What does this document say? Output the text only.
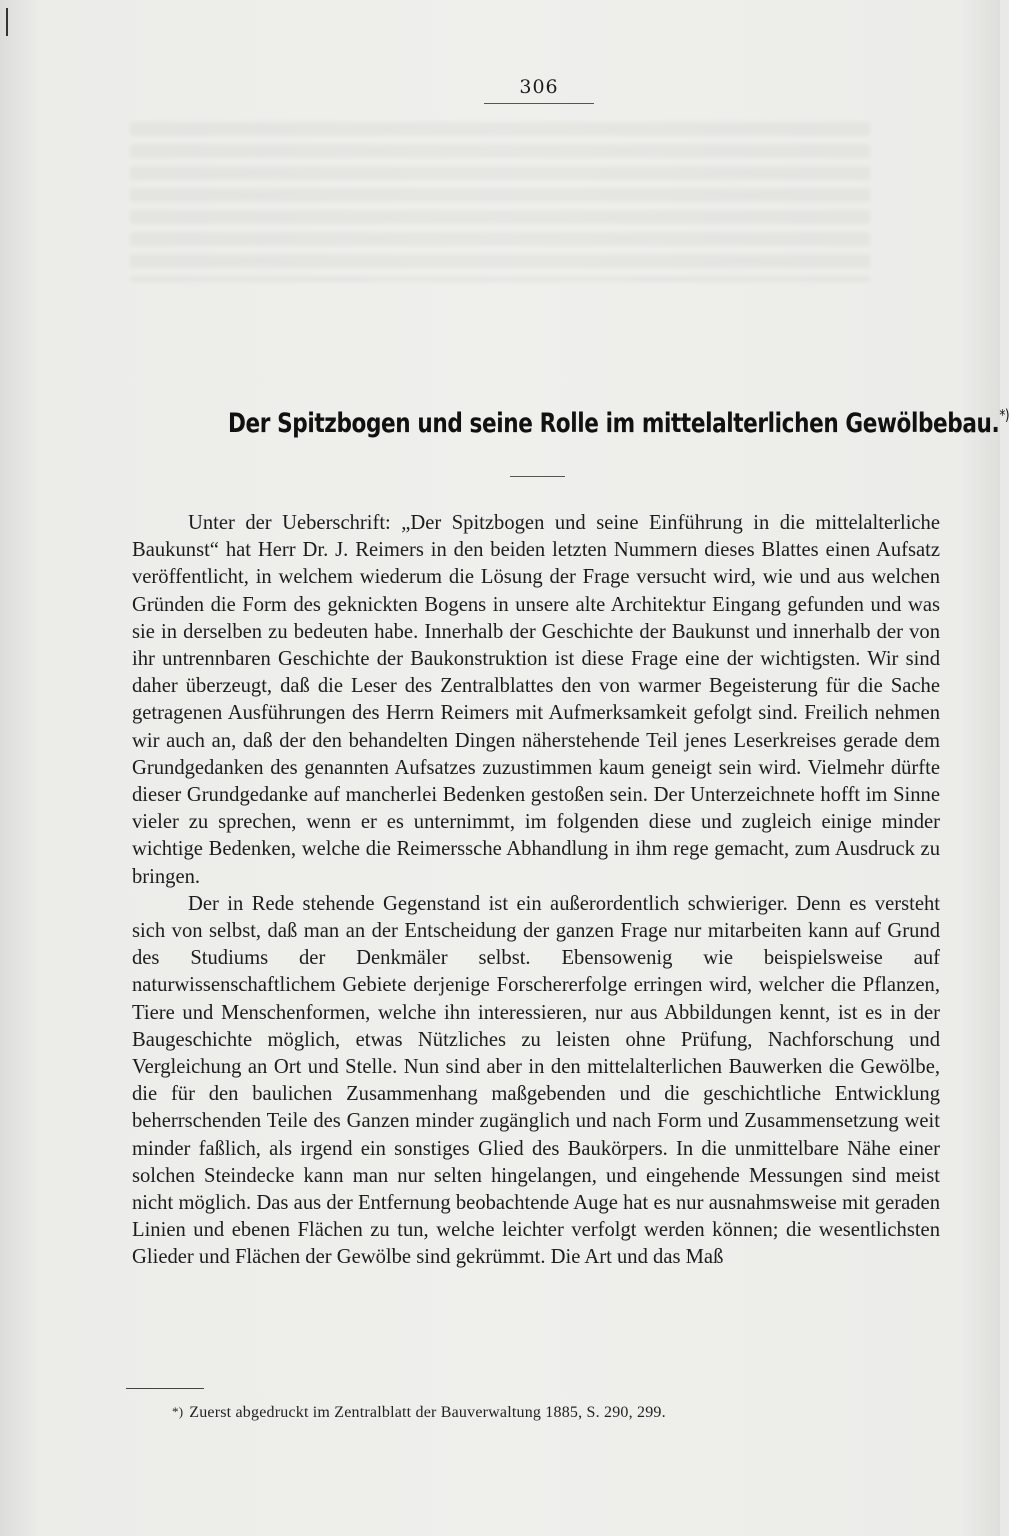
306
Der Spitzbogen und seine Rolle im mittelalterlichen Gewölbebau.*)

Unter der Ueberschrift: „Der Spitzbogen und seine Einführung in die mittelalterliche Baukunst“ hat Herr Dr. J. Reimers in den beiden letzten Nummern dieses Blattes einen Aufsatz veröffentlicht, in welchem wiederum die Lösung der Frage versucht wird, wie und aus welchen Gründen die Form des geknickten Bogens in unsere alte Architektur Eingang gefunden und was sie in derselben zu bedeuten habe. Innerhalb der Geschichte der Baukunst und innerhalb der von ihr untrennbaren Geschichte der Baukonstruktion ist diese Frage eine der wichtigsten. Wir sind daher überzeugt, daß die Leser des Zentralblattes den von warmer Begeisterung für die Sache getragenen Ausführungen des Herrn Reimers mit Aufmerksamkeit gefolgt sind. Freilich nehmen wir auch an, daß der den behandelten Dingen näherstehende Teil jenes Leserkreises gerade dem Grundgedanken des genannten Aufsatzes zuzustimmen kaum geneigt sein wird. Vielmehr dürfte dieser Grundgedanke auf mancherlei Bedenken gestoßen sein. Der Unterzeichnete hofft im Sinne vieler zu sprechen, wenn er es unternimmt, im folgenden diese und zugleich einige minder wichtige Bedenken, welche die Reimerssche Abhandlung in ihm rege gemacht, zum Ausdruck zu bringen.

Der in Rede stehende Gegenstand ist ein außerordentlich schwieriger. Denn es versteht sich von selbst, daß man an der Entscheidung der ganzen Frage nur mitarbeiten kann auf Grund des Studiums der Denkmäler selbst. Ebensowenig wie beispielsweise auf naturwissenschaftlichem Gebiete derjenige Forschererfolge erringen wird, welcher die Pflanzen, Tiere und Menschenformen, welche ihn interessieren, nur aus Abbildungen kennt, ist es in der Baugeschichte möglich, etwas Nützliches zu leisten ohne Prüfung, Nachforschung und Vergleichung an Ort und Stelle. Nun sind aber in den mittelalterlichen Bauwerken die Gewölbe, die für den baulichen Zusammenhang maßgebenden und die geschichtliche Entwicklung beherrschenden Teile des Ganzen minder zugänglich und nach Form und Zusammensetzung weit minder faßlich, als irgend ein sonstiges Glied des Baukörpers. In die unmittelbare Nähe einer solchen Steindecke kann man nur selten hingelangen, und eingehende Messungen sind meist nicht möglich. Das aus der Entfernung beobachtende Auge hat es nur ausnahmsweise mit geraden Linien und ebenen Flächen zu tun, welche leichter verfolgt werden können; die wesentlichsten Glieder und Flächen der Gewölbe sind gekrümmt. Die Art und das Maß

*) Zuerst abgedruckt im Zentralblatt der Bauverwaltung 1885, S. 290, 299.
